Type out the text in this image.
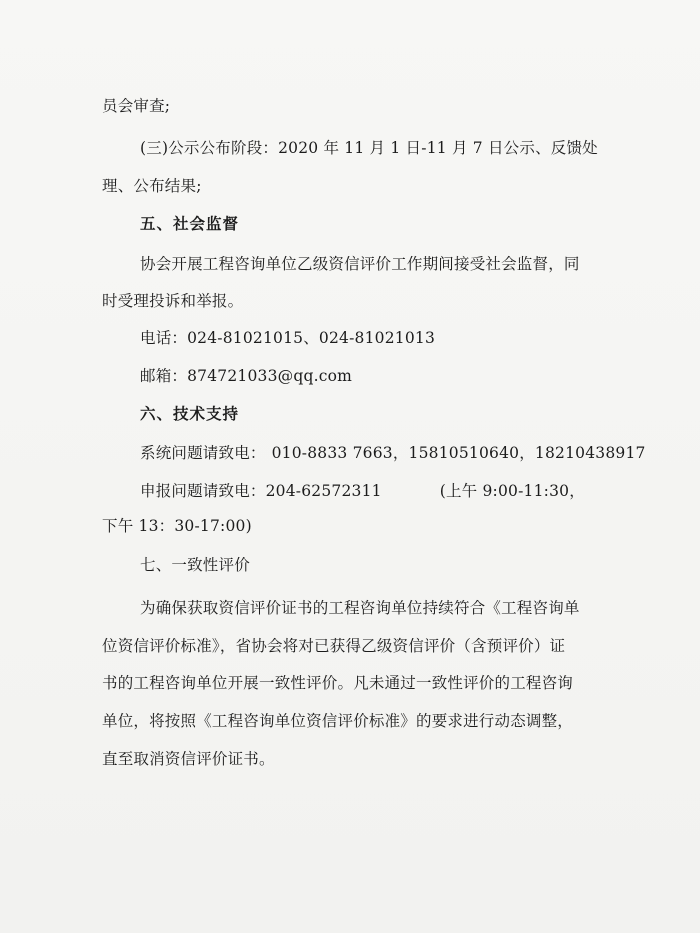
员会审查;
(三)公示公布阶段：2020 年 11 月 1 日-11 月 7 日公示、反馈处
理、公布结果;
五、社会监督
协会开展工程咨询单位乙级资信评价工作期间接受社会监督，同
时受理投诉和举报。
电话：024-81021015、024-81021013
邮箱：874721033@qq.com
六、技术支持
系统问题请致电： 010-8833 7663，15810510640，18210438917
申报问题请致电：204-62572311	(上午 9:00-11:30，
下午 13：30-17:00)
七、一致性评价
为确保获取资信评价证书的工程咨询单位持续符合《工程咨询单
位资信评价标准》，省协会将对已获得乙级资信评价（含预评价）证
书的工程咨询单位开展一致性评价。凡未通过一致性评价的工程咨询
单位，将按照《工程咨询单位资信评价标准》的要求进行动态调整，
直至取消资信评价证书。
